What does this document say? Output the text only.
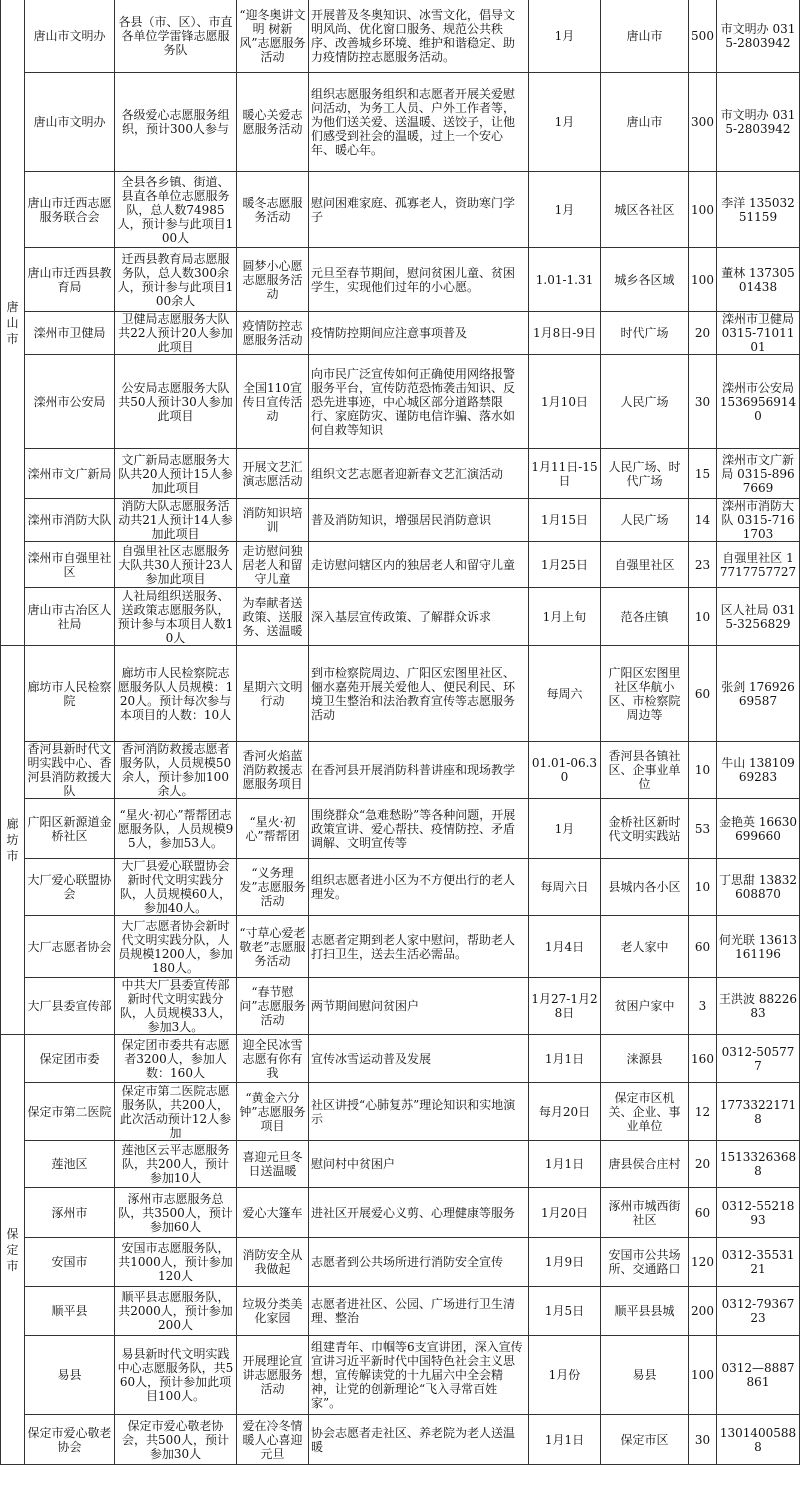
唐山市	唐山市文明办	各县（市、区）、市直各单位学雷锋志愿服务队	“迎冬奥讲文明 树新风”志愿服务活动	开展普及冬奥知识、冰雪文化，倡导文明风尚、优化窗口服务、规范公共秩序、改善城乡环境、维护和谐稳定、助力疫情防控志愿服务活动。	1月	唐山市	500	市文明办 0315-2803942
	唐山市文明办	各级爱心志愿服务组织，预计300人参与	暖心关爱志愿服务活动	组织志愿服务组织和志愿者开展关爱慰问活动，为务工人员、户外工作者等，为他们送关爱、送温暖、送饺子，让他们感受到社会的温暖，过上一个安心年、暖心年。	1月	唐山市	300	市文明办 0315-2803942
	唐山市迁西志愿服务联合会	全县各乡镇、街道、县直各单位志愿服务队，总人数74985人，预计参与此项目100人	暖冬志愿服务活动	慰问困难家庭、孤寡老人，资助寒门学子	1月	城区各社区	100	李洋 13503251159
	唐山市迁西县教育局	迁西县教育局志愿服务队，总人数300余人，预计参与此项目100余人	圆梦小心愿志愿服务活动	元旦至春节期间，慰问贫困儿童、贫困学生，实现他们过年的小心愿。	1.01-1.31	城乡各区域	100	董林 13730501438
	滦州市卫健局	卫健局志愿服务大队共22人预计20人参加此项目	疫情防控志愿服务活动	疫情防控期间应注意事项普及	1月8日-9日	时代广场	20	滦州市卫健局 0315-7101101
	滦州市公安局	公安局志愿服务大队共50人预计30人参加此项目	全国110宣传日宣传活动	向市民广泛宣传如何正确使用网络报警服务平台，宣传防范恐怖袭击知识、反恐先进事迹，中心城区部分道路禁限行、家庭防灾、谨防电信诈骗、落水如何自救等知识	1月10日	人民广场	30	滦州市公安局 15369569140
	滦州市文广新局	文广新局志愿服务大队共20人预计15人参加此项目	开展文艺汇演志愿活动	组织文艺志愿者迎新春文艺汇演活动	1月11日-15日	人民广场、时代广场	15	滦州市文广新局 0315-8967669
	滦州市消防大队	消防大队志愿服务活动共21人预计14人参加此项目	消防知识培训	普及消防知识，增强居民消防意识	1月15日	人民广场	14	滦州市消防大队 0315-7161703
	滦州市自强里社区	自强里社区志愿服务大队共30人预计23人参加此项目	走访慰问独居老人和留守儿童	走访慰问辖区内的独居老人和留守儿童	1月25日	自强里社区	23	自强里社区 17717757727
	唐山市古冶区人社局	人社局组织送服务、送政策志愿服务队，预计参与本项目人数10人	为奉献者送政策、送服务、送温暖	深入基层宣传政策、了解群众诉求	1月上旬	范各庄镇	10	区人社局 0315-3256829
廊坊市	廊坊市人民检察院	廊坊市人民检察院志愿服务队人员规模：120人。预计每次参与本项目的人数：10人	星期六文明行动	到市检察院周边、广阳区宏图里社区、俪水嘉苑开展关爱他人、便民利民、环境卫生整治和法治教育宣传等志愿服务活动	每周六	广阳区宏图里社区华航小区、市检察院周边等	60	张剑 17692669587
	香河县新时代文明实践中心、香河县消防救援大队	香河消防救援志愿者服务队，人员规模50余人，预计参加100余人。	香河火焰蓝消防救援志愿服务项目	在香河县开展消防科普讲座和现场教学	01.01-06.30	香河县各镇社区、企事业单位	10	牛山 13810969283
	广阳区新源道金桥社区	“星火·初心”帮帮团志愿服务队，人员规模95人，参加53人。	“星火·初心”帮帮团	围绕群众“急难愁盼”等各种问题，开展政策宣讲、爱心帮扶、疫情防控、矛盾调解、文明宣传等	1月	金桥社区新时代文明实践站	53	金艳英 16630699660
	大厂爱心联盟协会	大厂县爱心联盟协会新时代文明实践分队，人员规模60人，参加40人。	“义务理发”志愿服务活动	组织志愿者进小区为不方便出行的老人理发。	每周六日	县城内各小区	10	丁思甜 13832608870
	大厂志愿者协会	大厂志愿者协会新时代文明实践分队，人员规模1200人，参加180人。	“寸草心爱老敬老”志愿服务活动	志愿者定期到老人家中慰问，帮助老人打扫卫生，送去生活必需品。	1月4日	老人家中	60	何光联 13613161196
	大厂县委宣传部	中共大厂县委宣传部新时代文明实践分队，人员规模33人，参加3人。	“春节慰问”志愿服务活动	两节期间慰问贫困户	1月27-1月28日	贫困户家中	3	王洪波 8822683
保定市	保定团市委	保定团市委共有志愿者3200人，参加人数：160人	迎全民冰雪志愿有你有我	宣传冰雪运动普及发展	1月1日	涞源县	160	0312-505777
	保定市第二医院	保定市第二医院志愿服务队，共200人，此次活动预计12人参加	“黄金六分钟”志愿服务项目	社区讲授“心肺复苏”理论知识和实地演示	每月20日	保定市区机关、企业、事业单位	12	17733221718
	莲池区	莲池区云平志愿服务队，共200人，预计参加10人	喜迎元旦冬日送温暖	慰问村中贫困户	1月1日	唐县侯合庄村	20	15133263688
	涿州市	涿州市志愿服务总队，共3500人，预计参加60人	爱心大篷车	进社区开展爱心义剪、心理健康等服务	1月20日	涿州市城西街社区	60	0312-5521893
	安国市	安国市志愿服务队，共1000人，预计参加120人	消防安全从我做起	志愿者到公共场所进行消防安全宣传	1月9日	安国市公共场所、交通路口	120	0312-3553121
	顺平县	顺平县志愿服务队，共2000人，预计参加200人	垃圾分类美化家园	志愿者进社区、公园、广场进行卫生清理、整治	1月5日	顺平县县城	200	0312-7936723
	易县	易县新时代文明实践中心志愿服务队，共560人，预计参加此项目100人。	开展理论宣讲志愿服务活动	组建青年、巾帼等6支宣讲团，深入宣传宣讲习近平新时代中国特色社会主义思想，宣传解读党的十九届六中全会精神，让党的创新理论“飞入寻常百姓家”。	1月份	易县	100	0312—8887861
	保定市爱心敬老协会	保定市爱心敬老协会，共500人，预计参加30人	爱在冷冬情暖人心喜迎元旦	协会志愿者走社区、养老院为老人送温暖	1月1日	保定市区	30	13014005888
